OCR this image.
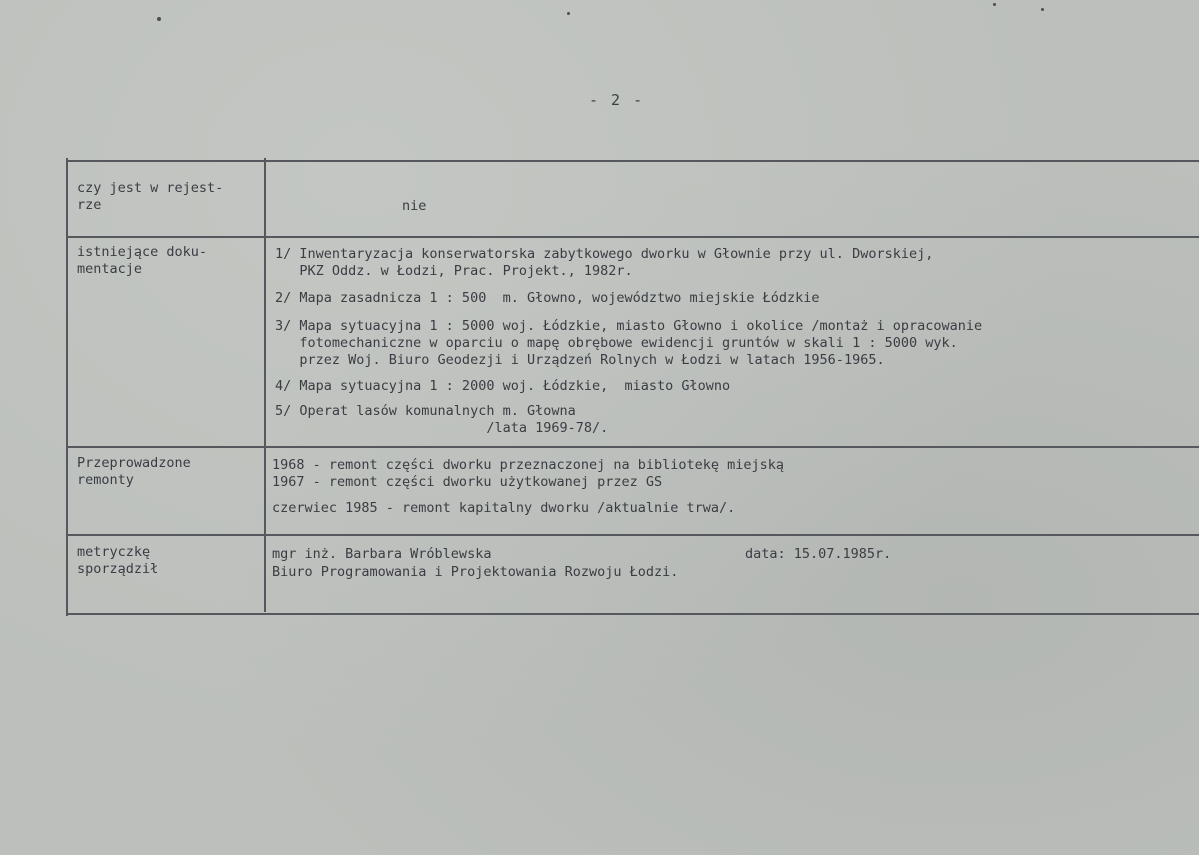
- 2 -
czy jest w rejest-
rze	nie
istniejące doku-
mentacje
1/ Inwentaryzacja konserwatorska zabytkowego dworku w Głownie przy ul. Dworskiej,
PKZ Oddz. w Łodzi, Prac. Projekt., 1982r.
2/ Mapa zasadnicza 1 : 500  m. Głowno, województwo miejskie Łódzkie
3/ Mapa sytuacyjna 1 : 5000 woj. Łódzkie, miasto Głowno i okolice /montaż i opracowanie
fotomechaniczne w oparciu o mapę obrębowe ewidencji gruntów w skali 1 : 5000 wyk.
przez Woj. Biuro Geodezji i Urządzeń Rolnych w Łodzi w latach 1956-1965.
4/ Mapa sytuacyjna 1 : 2000 woj. Łódzkie,  miasto Głowno
5/ Operat lasów komunalnych m. Głowna
/lata 1969-78/.
Przeprowadzone
remonty
1968 - remont części dworku przeznaczonej na bibliotekę miejską
1967 - remont części dworku użytkowanej przez GS
czerwiec 1985 - remont kapitalny dworku /aktualnie trwa/.
metryczkę
sporządził
mgr inż. Barbara Wróblewska	data: 15.07.1985r.
Biuro Programowania i Projektowania Rozwoju Łodzi.
